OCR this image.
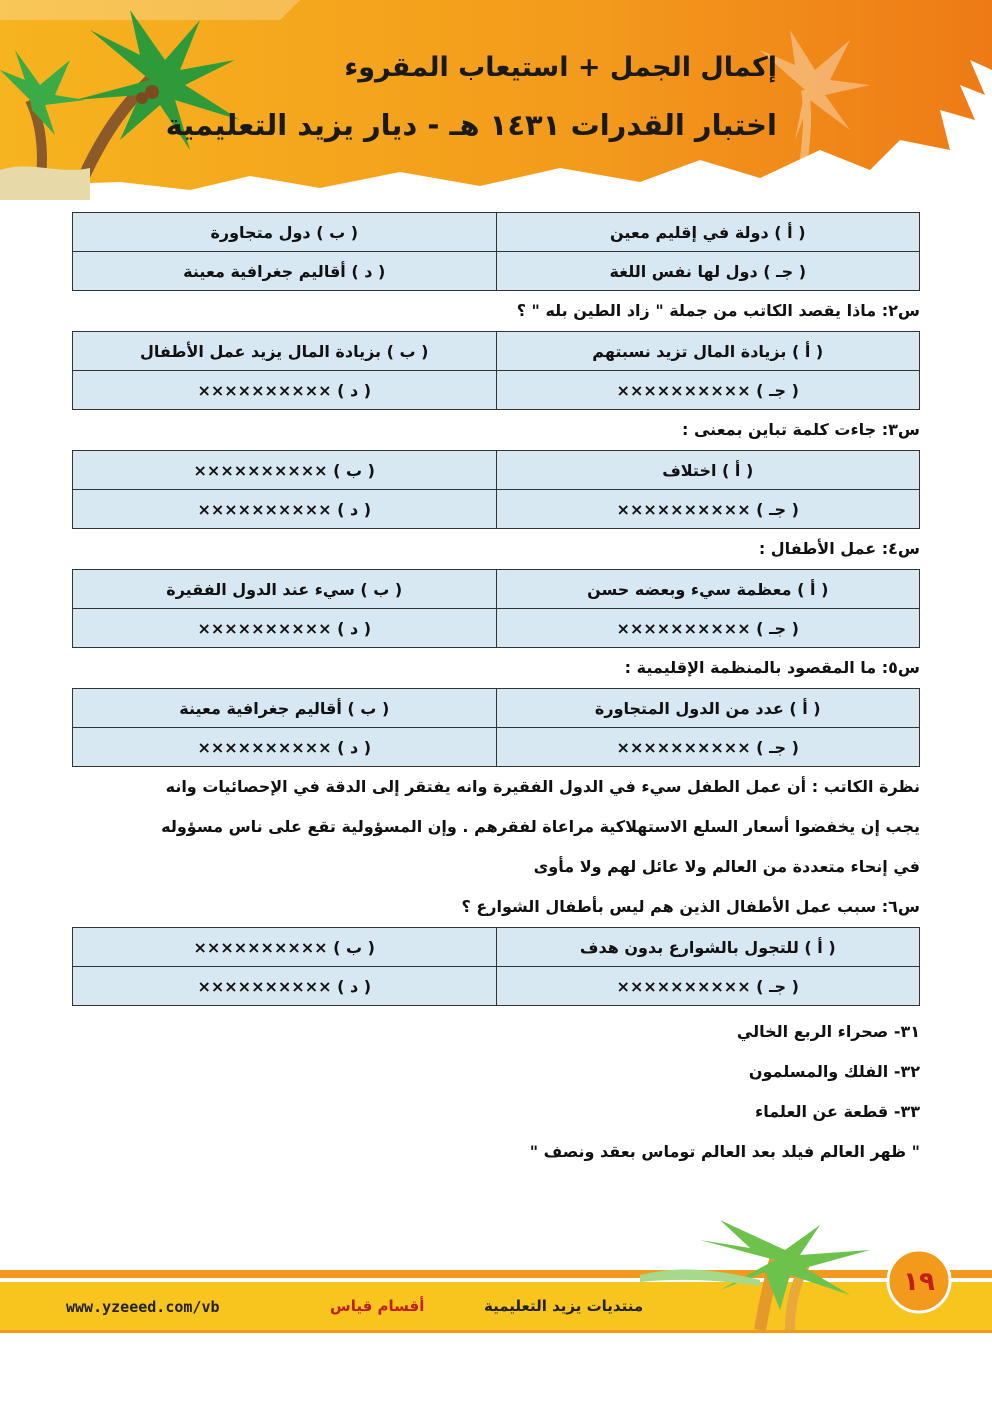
إكمال الجمل + استيعاب المقروء
اختبار القدرات ١٤٣١ هـ - ديار يزيد التعليمية
( أ ) دولة في إقليم معين	( ب ) دول متجاورة
( جـ ) دول لها نفس اللغة	( د ) أقاليم جغرافية معينة
س٢: ماذا يقصد الكاتب من جملة " زاد الطين بله " ؟
( أ ) بزيادة المال تزيد نسبتهم	( ب ) بزيادة المال يزيد عمل الأطفال
( جـ ) ××××××××××	( د ) ××××××××××
س٣: جاءت كلمة تباين بمعنى :
( أ ) اختلاف	( ب ) ××××××××××
( جـ ) ××××××××××	( د ) ××××××××××
س٤: عمل الأطفال :
( أ ) معظمة سيء وبعضه حسن	( ب ) سيء عند الدول الفقيرة
( جـ ) ××××××××××	( د ) ××××××××××
س٥: ما المقصود بالمنظمة الإقليمية :
( أ ) عدد من الدول المتجاورة	( ب ) أقاليم جغرافية معينة
( جـ ) ××××××××××	( د ) ××××××××××
نظرة الكاتب : أن عمل الطفل سيء في الدول الفقيرة وانه يفتقر إلى الدقة في الإحصائيات وانه
يجب إن يخفضوا أسعار السلع الاستهلاكية مراعاة لفقرهم . وإن المسؤولية تقع على ناس مسؤوله
في إنحاء متعددة من العالم ولا عائل لهم ولا مأوى
س٦: سبب عمل الأطفال الذين هم ليس بأطفال الشوارع ؟
( أ ) للتجول بالشوارع بدون هدف	( ب ) ××××××××××
( جـ ) ××××××××××	( د ) ××××××××××
٣١- صحراء الربع الخالي
٣٢- الفلك والمسلمون
٣٣- قطعة عن العلماء
" ظهر العالم فيلد بعد العالم توماس بعقد ونصف "
١٩
www.yzeeed.com/vb	أقسام قياس	منتديات يزيد التعليمية
